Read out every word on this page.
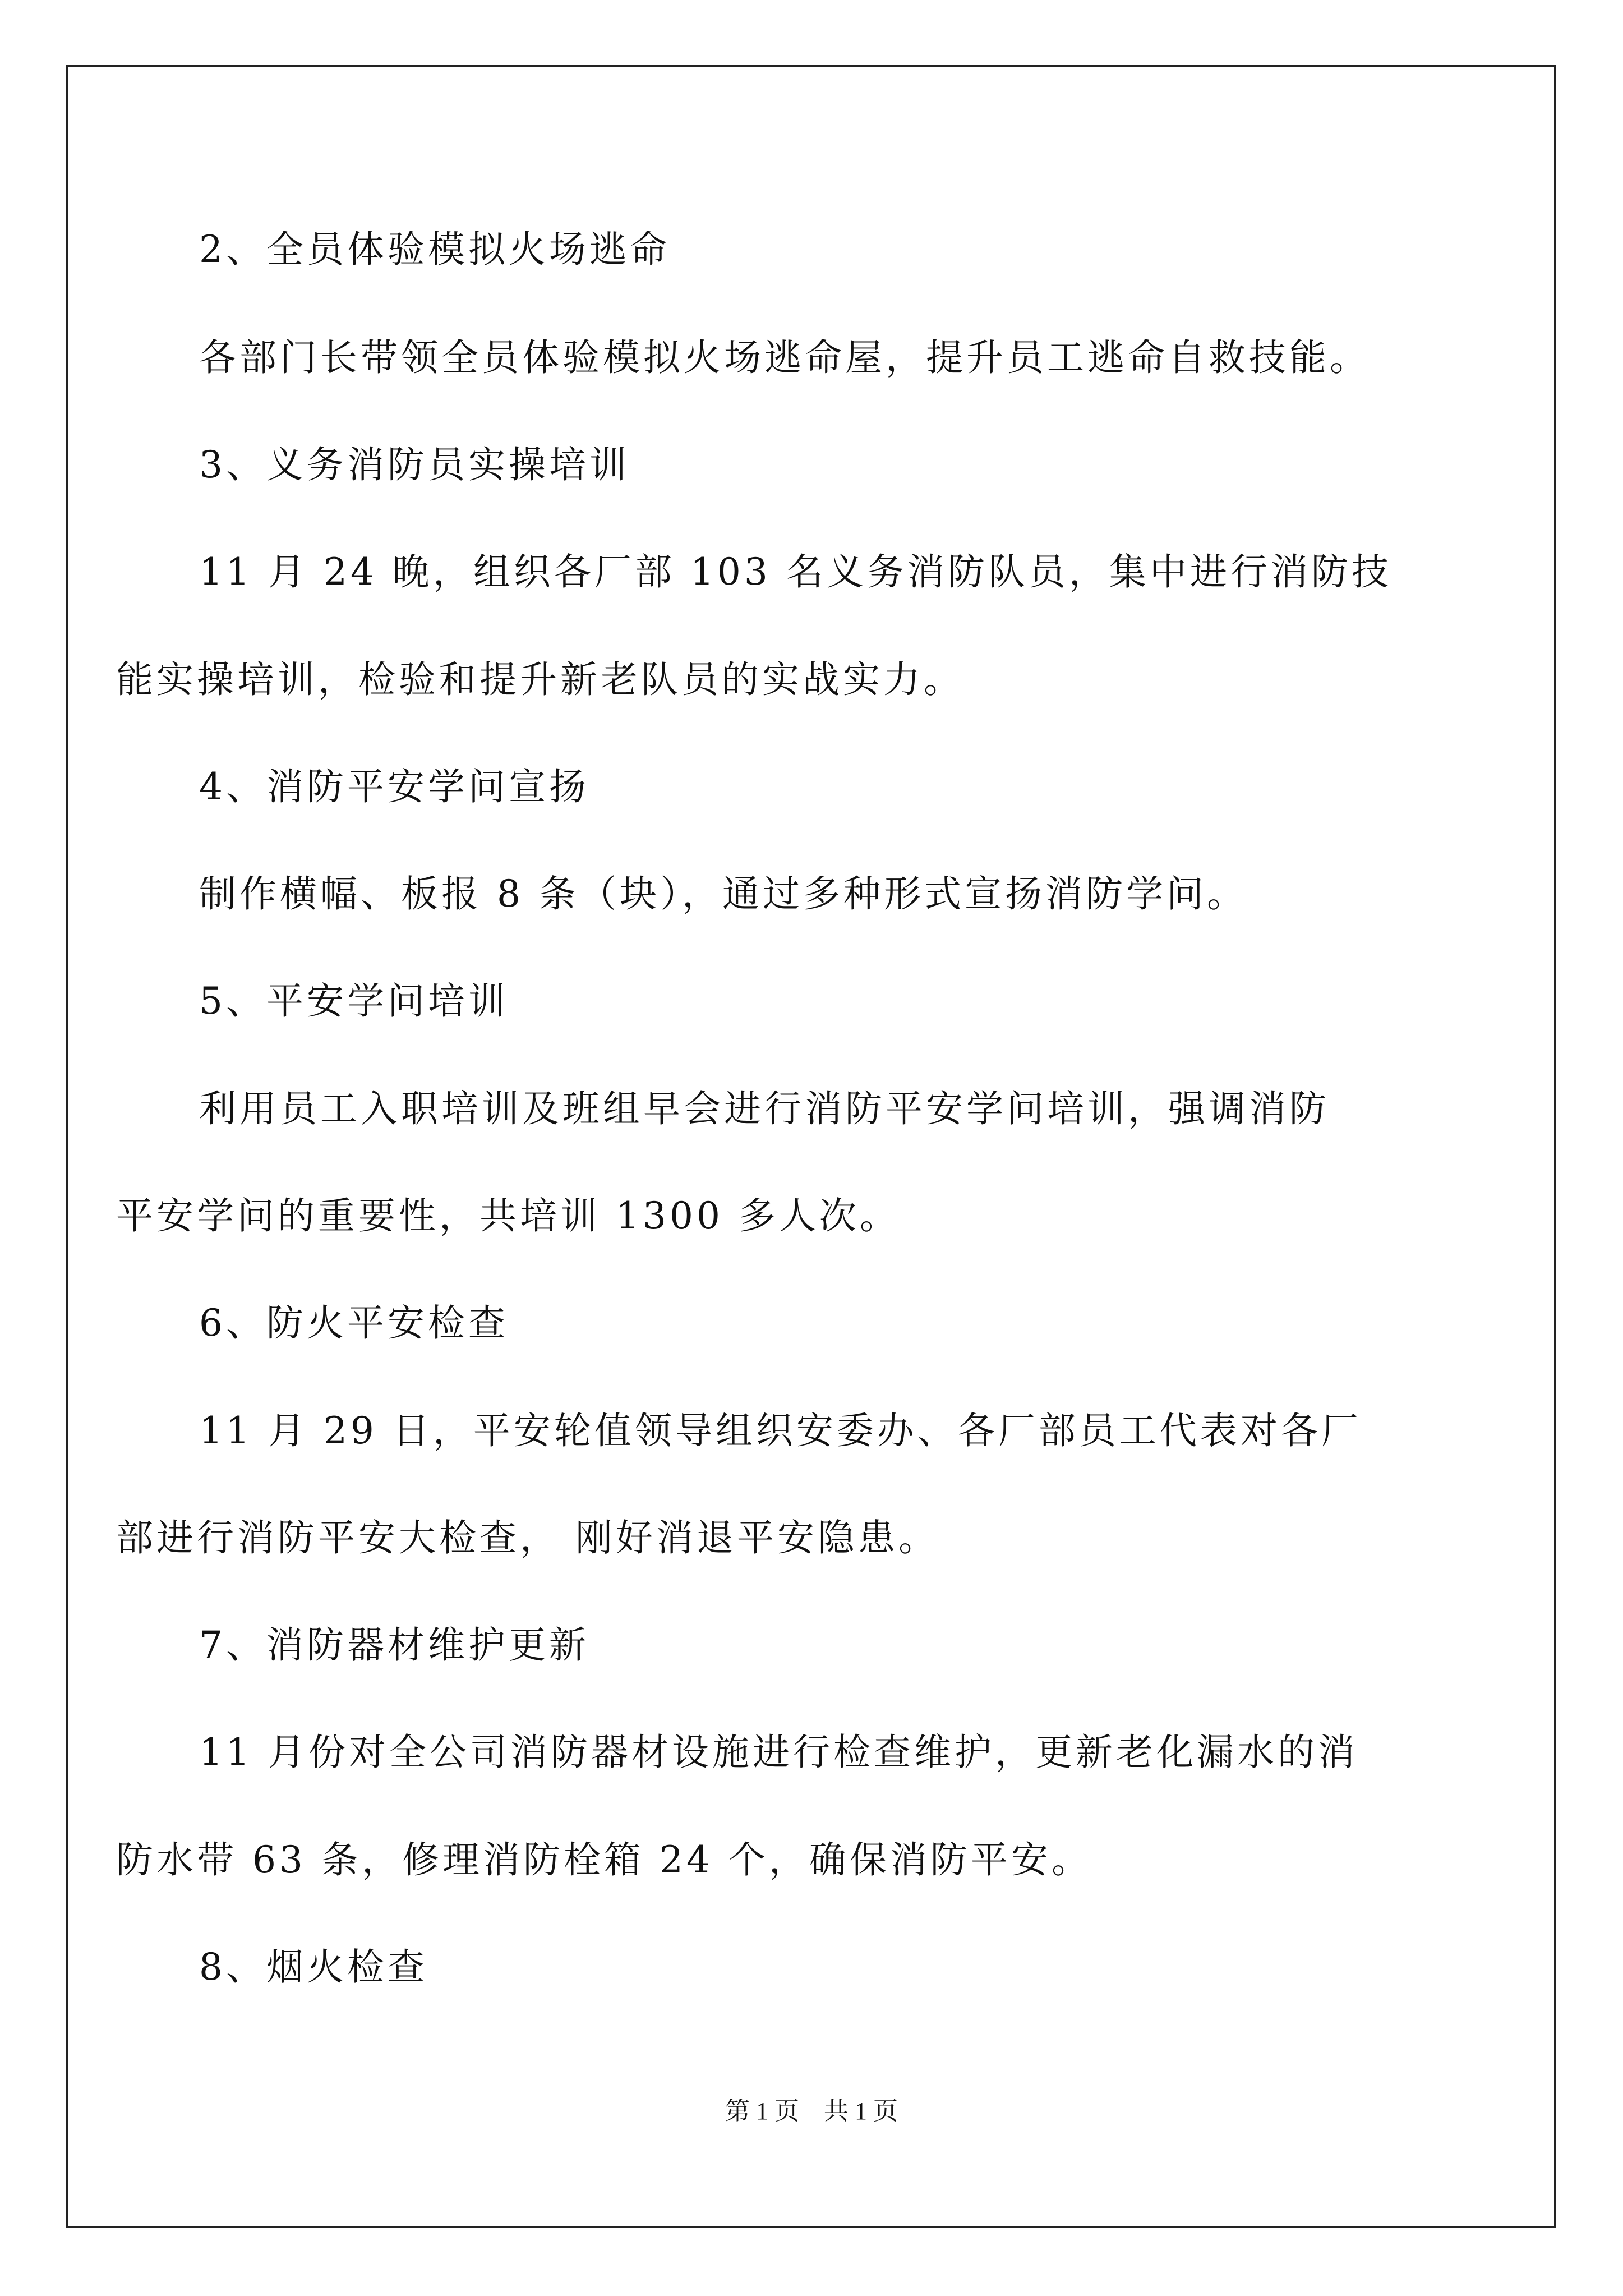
2、全员体验模拟火场逃命
各部门长带领全员体验模拟火场逃命屋，提升员工逃命自救技能。
3、义务消防员实操培训
11 月 24 晚，组织各厂部 103 名义务消防队员，集中进行消防技
能实操培训，检验和提升新老队员的实战实力。
4、消防平安学问宣扬
制作横幅、板报 8 条（块），通过多种形式宣扬消防学问。
5、平安学问培训
利用员工入职培训及班组早会进行消防平安学问培训，强调消防
平安学问的重要性，共培训 1300 多人次。
6、防火平安检查
11 月 29 日，平安轮值领导组织安委办、各厂部员工代表对各厂
部进行消防平安大检查， 刚好消退平安隐患。
7、消防器材维护更新
11 月份对全公司消防器材设施进行检查维护，更新老化漏水的消
防水带 63 条，修理消防栓箱 24 个，确保消防平安。
8、烟火检查
第 1 页　共 1 页
